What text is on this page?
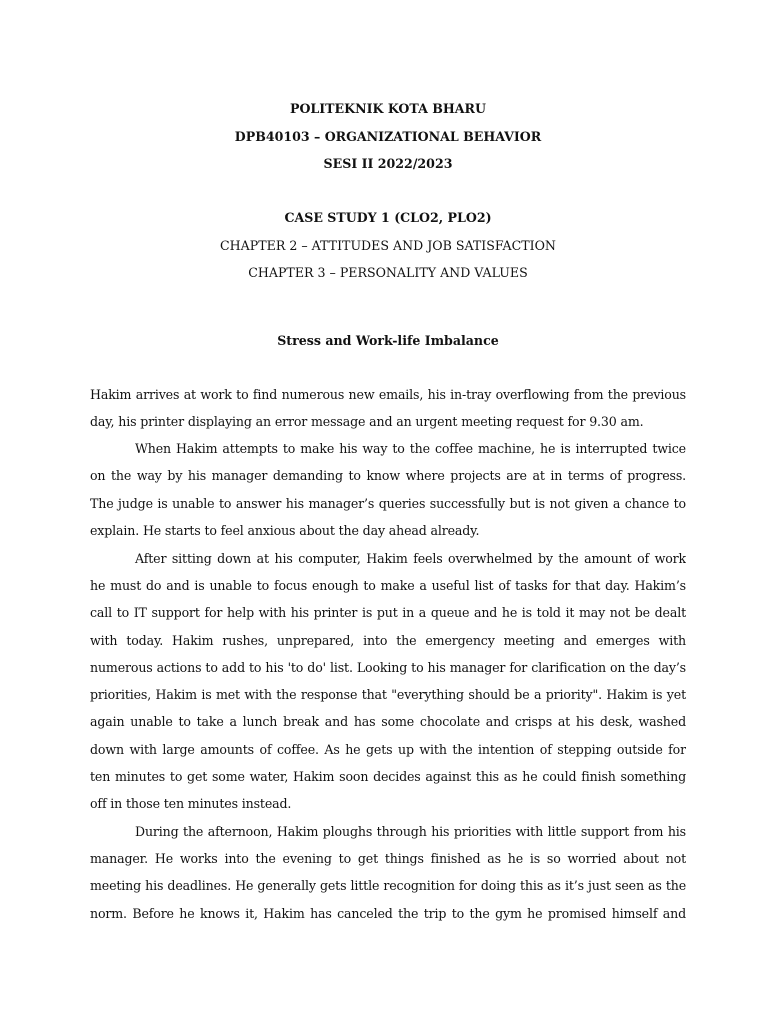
POLITEKNIK KOTA BHARU
DPB40103 – ORGANIZATIONAL BEHAVIOR
SESI II 2022/2023
CASE STUDY 1 (CLO2, PLO2)
CHAPTER 2 – ATTITUDES AND JOB SATISFACTION
CHAPTER 3 – PERSONALITY AND VALUES
Stress and Work-life Imbalance
Hakim arrives at work to find numerous new emails, his in-tray overflowing from the previous
day, his printer displaying an error message and an urgent meeting request for 9.30 am.
When Hakim attempts to make his way to the coffee machine, he is interrupted twice
on the way by his manager demanding to know where projects are at in terms of progress.
The judge is unable to answer his manager’s queries successfully but is not given a chance to
explain. He starts to feel anxious about the day ahead already.
After sitting down at his computer, Hakim feels overwhelmed by the amount of work
he must do and is unable to focus enough to make a useful list of tasks for that day. Hakim’s
call to IT support for help with his printer is put in a queue and he is told it may not be dealt
with today. Hakim rushes, unprepared, into the emergency meeting and emerges with
numerous actions to add to his 'to do' list. Looking to his manager for clarification on the day’s
priorities, Hakim is met with the response that "everything should be a priority". Hakim is yet
again unable to take a lunch break and has some chocolate and crisps at his desk, washed
down with large amounts of coffee. As he gets up with the intention of stepping outside for
ten minutes to get some water, Hakim soon decides against this as he could finish something
off in those ten minutes instead.
During the afternoon, Hakim ploughs through his priorities with little support from his
manager. He works into the evening to get things finished as he is so worried about not
meeting his deadlines. He generally gets little recognition for doing this as it’s just seen as the
norm. Before he knows it, Hakim has canceled the trip to the gym he promised himself and
